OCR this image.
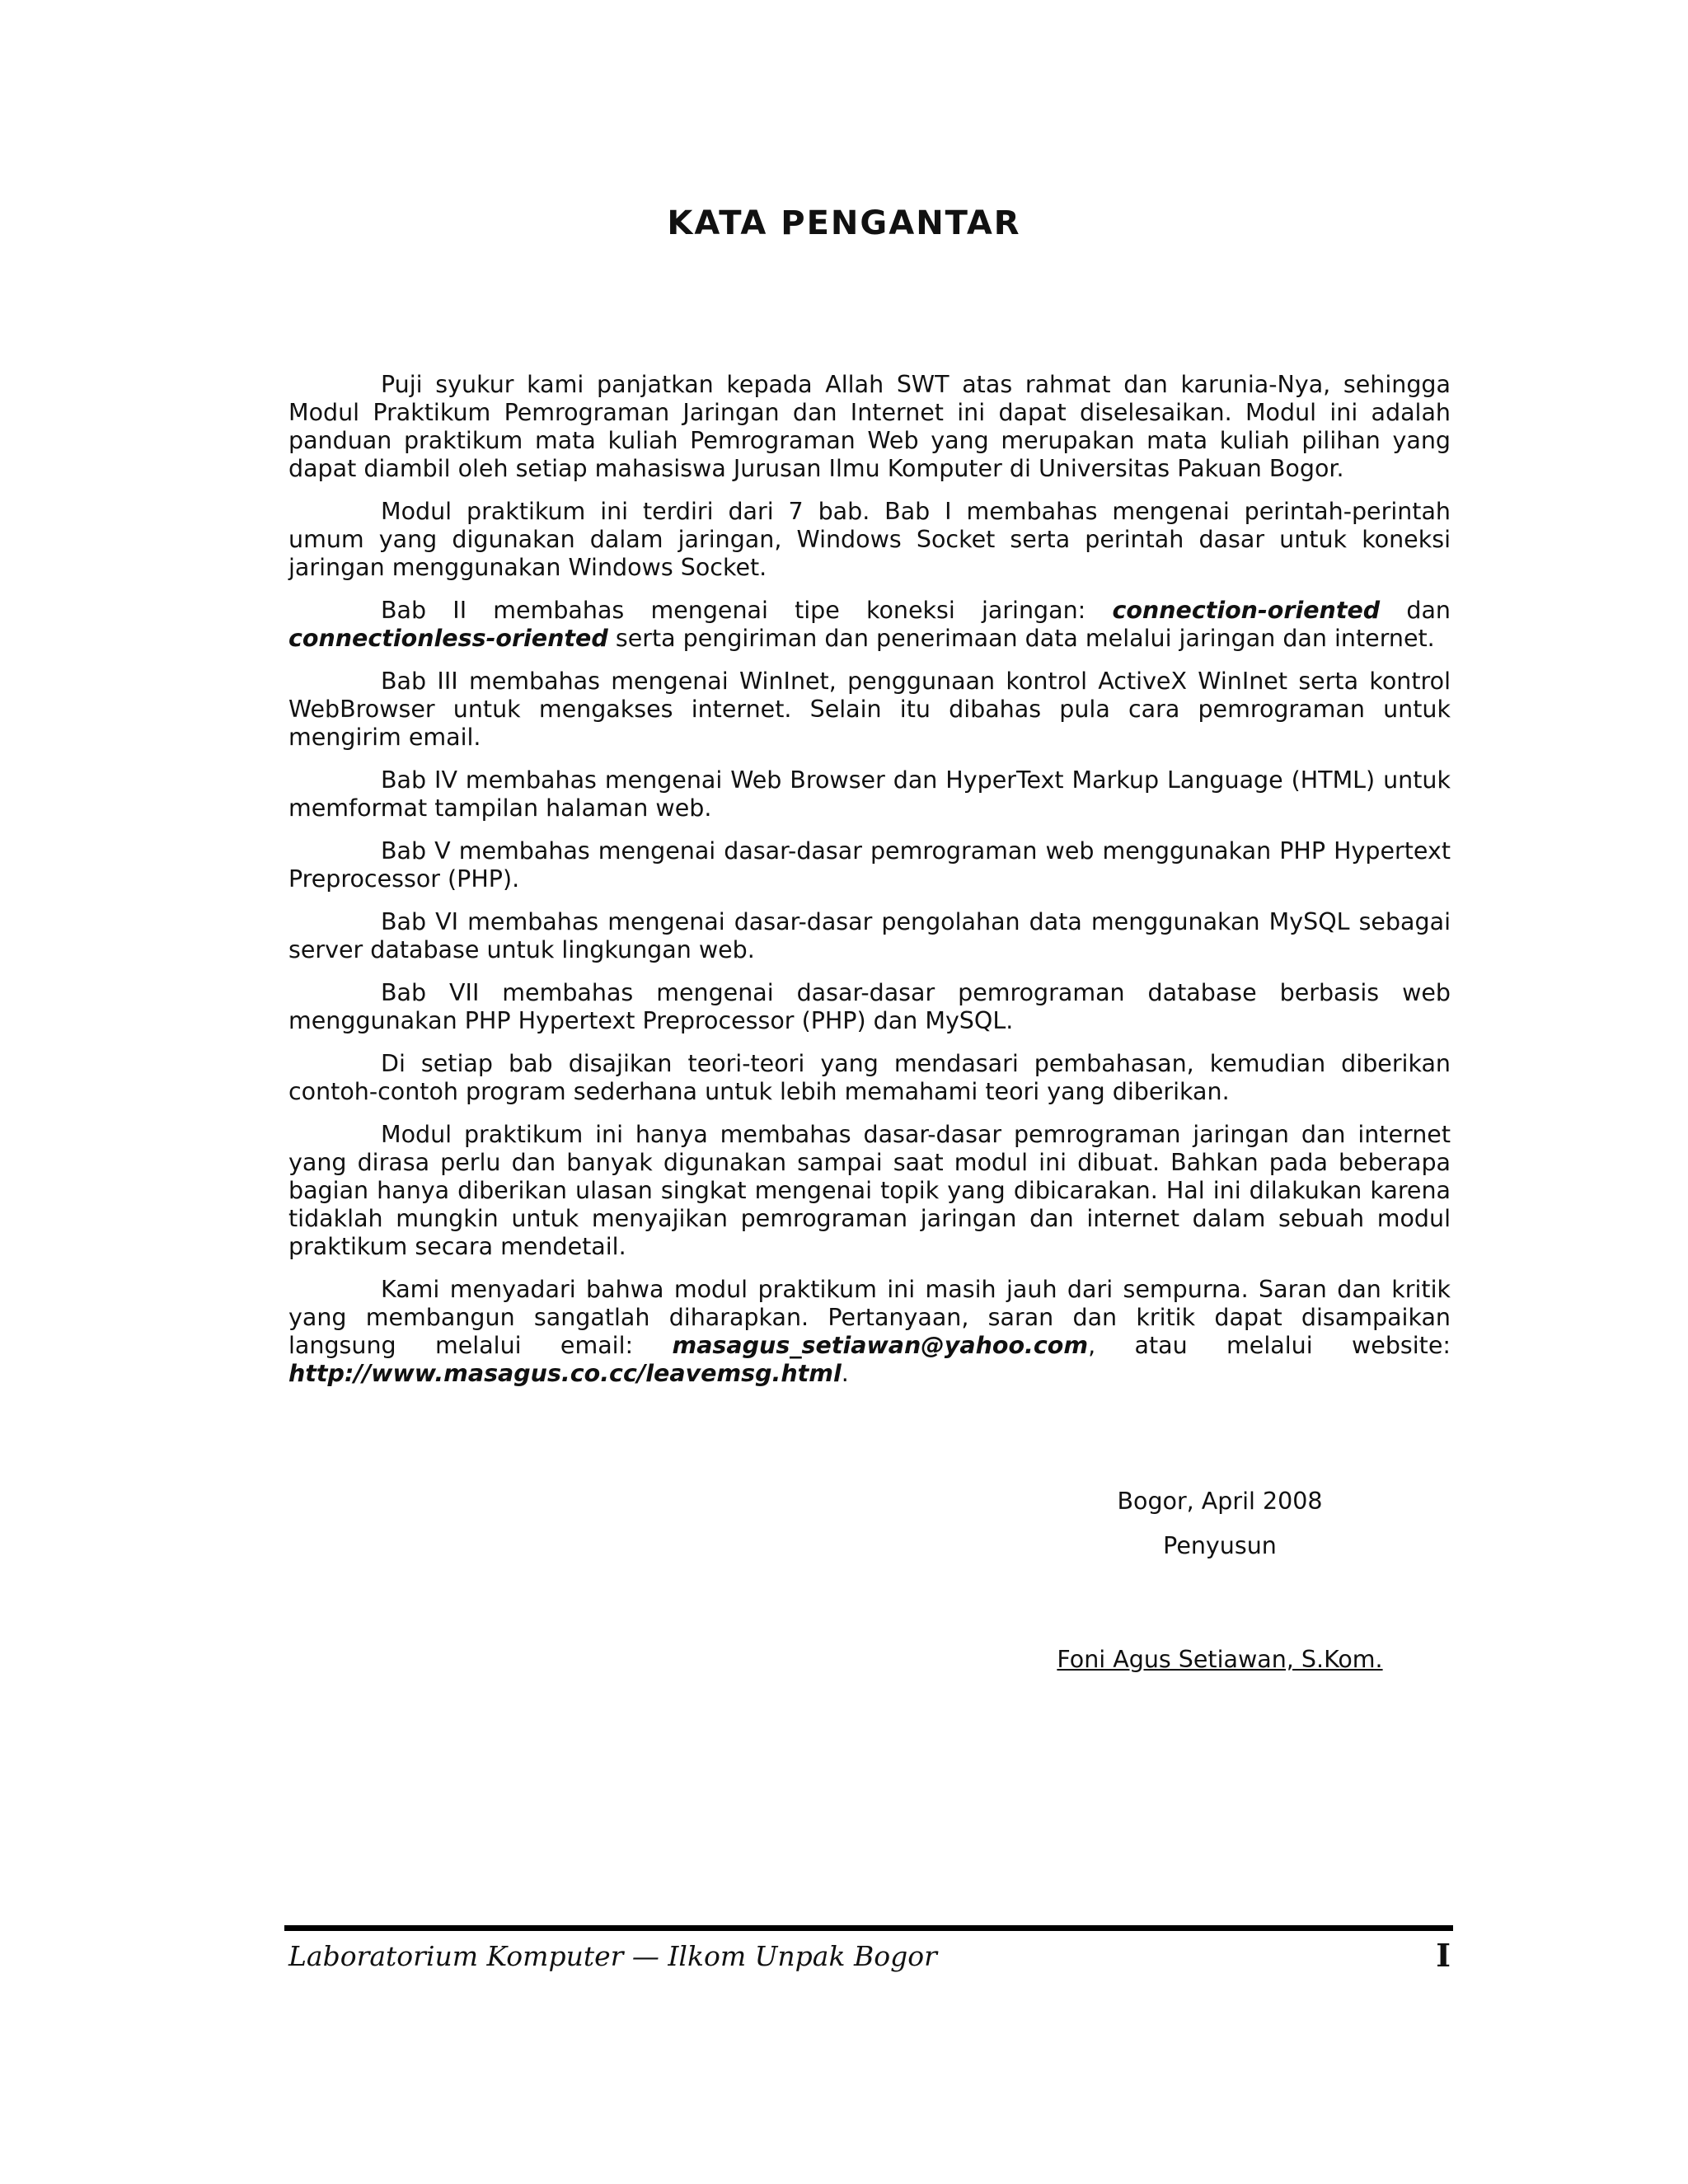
KATA PENGANTAR

Puji syukur kami panjatkan kepada Allah SWT atas rahmat dan karunia-Nya, sehingga Modul Praktikum Pemrograman Jaringan dan Internet ini dapat diselesaikan. Modul ini adalah panduan praktikum mata kuliah Pemrograman Web yang merupakan mata kuliah pilihan yang dapat diambil oleh setiap mahasiswa Jurusan Ilmu Komputer di Universitas Pakuan Bogor.

Modul praktikum ini terdiri dari 7 bab. Bab I membahas mengenai perintah-perintah umum yang digunakan dalam jaringan, Windows Socket serta perintah dasar untuk koneksi jaringan menggunakan Windows Socket.

Bab II membahas mengenai tipe koneksi jaringan: connection-oriented dan connectionless-oriented serta pengiriman dan penerimaan data melalui jaringan dan internet.

Bab III membahas mengenai WinInet, penggunaan kontrol ActiveX WinInet serta kontrol WebBrowser untuk mengakses internet. Selain itu dibahas pula cara pemrograman untuk mengirim email.

Bab IV membahas mengenai Web Browser dan HyperText Markup Language (HTML) untuk memformat tampilan halaman web.

Bab V membahas mengenai dasar-dasar pemrograman web menggunakan PHP Hypertext Preprocessor (PHP).

Bab VI membahas mengenai dasar-dasar pengolahan data menggunakan MySQL sebagai server database untuk lingkungan web.

Bab VII membahas mengenai dasar-dasar pemrograman database berbasis web menggunakan PHP Hypertext Preprocessor (PHP) dan MySQL.

Di setiap bab disajikan teori-teori yang mendasari pembahasan, kemudian diberikan contoh-contoh program sederhana untuk lebih memahami teori yang diberikan.

Modul praktikum ini hanya membahas dasar-dasar pemrograman jaringan dan internet yang dirasa perlu dan banyak digunakan sampai saat modul ini dibuat. Bahkan pada beberapa bagian hanya diberikan ulasan singkat mengenai topik yang dibicarakan. Hal ini dilakukan karena tidaklah mungkin untuk menyajikan pemrograman jaringan dan internet dalam sebuah modul praktikum secara mendetail.

Kami menyadari bahwa modul praktikum ini masih jauh dari sempurna. Saran dan kritik yang membangun sangatlah diharapkan. Pertanyaan, saran dan kritik dapat disampaikan langsung melalui email: masagus_setiawan@yahoo.com, atau melalui website: http://www.masagus.co.cc/leavemsg.html.

Bogor, April 2008
Penyusun
Foni Agus Setiawan, S.Kom.
Laboratorium Komputer — Ilkom Unpak Bogor	I
